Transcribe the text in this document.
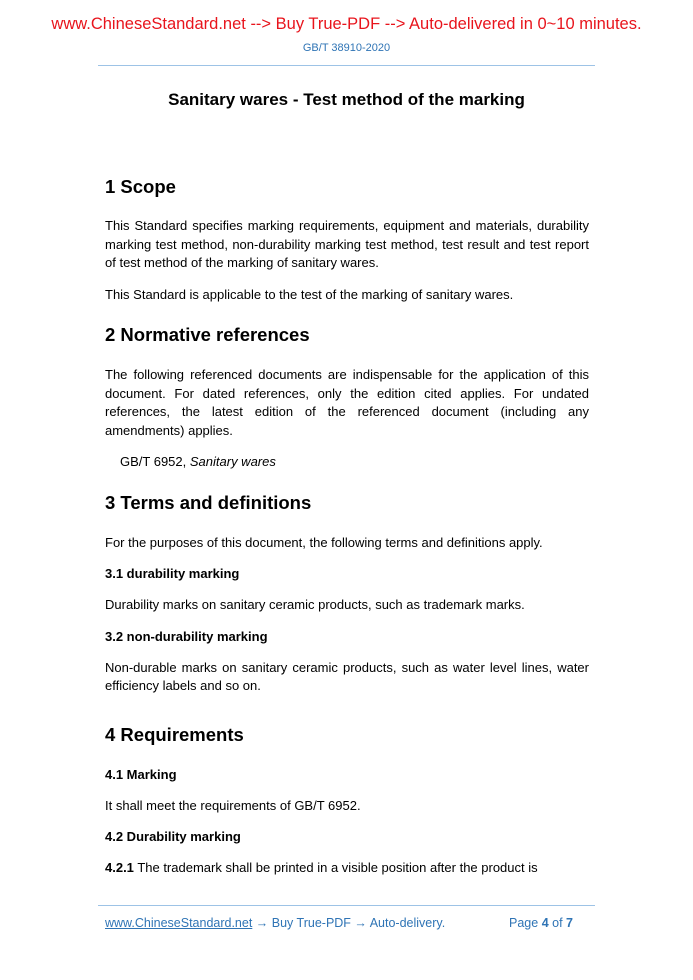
www.ChineseStandard.net --> Buy True-PDF --> Auto-delivered in 0~10 minutes.
GB/T 38910-2020
Sanitary wares - Test method of the marking
1 Scope

This Standard specifies marking requirements, equipment and materials, durability marking test method, non-durability marking test method, test result and test report of test method of the marking of sanitary wares.

This Standard is applicable to the test of the marking of sanitary wares.

2 Normative references

The following referenced documents are indispensable for the application of this document. For dated references, only the edition cited applies. For undated references, the latest edition of the referenced document (including any amendments) applies.

GB/T 6952, Sanitary wares

3 Terms and definitions

For the purposes of this document, the following terms and definitions apply.

3.1 durability marking

Durability marks on sanitary ceramic products, such as trademark marks.

3.2 non-durability marking

Non-durable marks on sanitary ceramic products, such as water level lines, water efficiency labels and so on.

4 Requirements
4.1 Marking

It shall meet the requirements of GB/T 6952.

4.2 Durability marking

4.2.1 The trademark shall be printed in a visible position after the product is

www.ChineseStandard.net → Buy True-PDF → Auto-delivery.	Page 4 of 7
